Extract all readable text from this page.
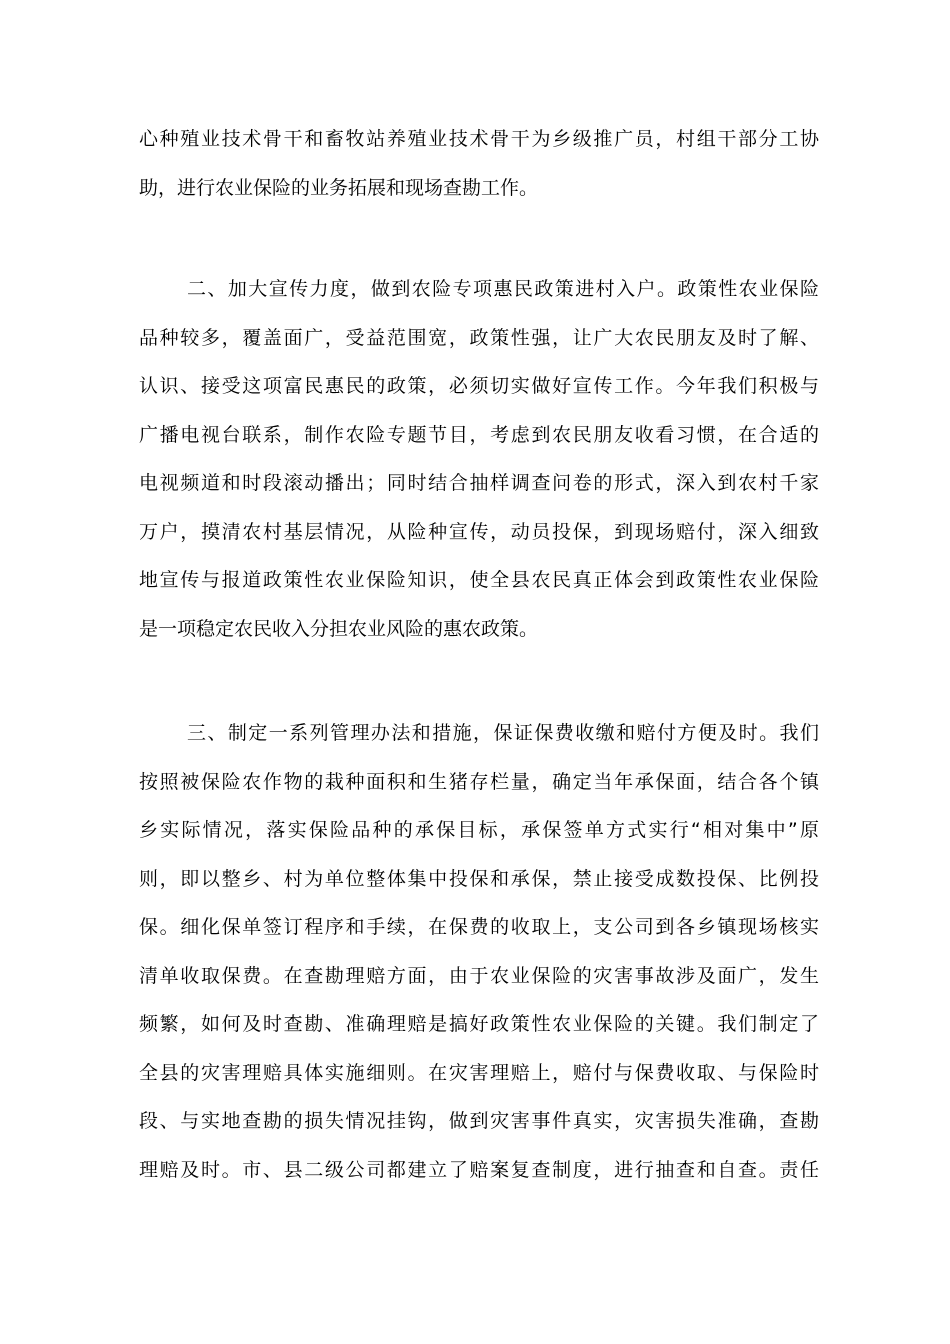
心种殖业技术骨干和畜牧站养殖业技术骨干为乡级推广员，村组干部分工协
助，进行农业保险的业务拓展和现场查勘工作。

二、加大宣传力度，做到农险专项惠民政策进村入户。政策性农业保险
品种较多，覆盖面广，受益范围宽，政策性强，让广大农民朋友及时了解、
认识、接受这项富民惠民的政策，必须切实做好宣传工作。今年我们积极与
广播电视台联系，制作农险专题节目，考虑到农民朋友收看习惯，在合适的
电视频道和时段滚动播出；同时结合抽样调查问卷的形式，深入到农村千家
万户，摸清农村基层情况，从险种宣传，动员投保，到现场赔付，深入细致
地宣传与报道政策性农业保险知识，使全县农民真正体会到政策性农业保险
是一项稳定农民收入分担农业风险的惠农政策。

三、制定一系列管理办法和措施，保证保费收缴和赔付方便及时。我们
按照被保险农作物的栽种面积和生猪存栏量，确定当年承保面，结合各个镇
乡实际情况，落实保险品种的承保目标，承保签单方式实行“相对集中”原
则，即以整乡、村为单位整体集中投保和承保，禁止接受成数投保、比例投
保。细化保单签订程序和手续，在保费的收取上，支公司到各乡镇现场核实
清单收取保费。在查勘理赔方面，由于农业保险的灾害事故涉及面广，发生
频繁，如何及时查勘、准确理赔是搞好政策性农业保险的关键。我们制定了
全县的灾害理赔具体实施细则。在灾害理赔上，赔付与保费收取、与保险时
段、与实地查勘的损失情况挂钩，做到灾害事件真实，灾害损失准确，查勘
理赔及时。市、县二级公司都建立了赔案复查制度，进行抽查和自查。责任
